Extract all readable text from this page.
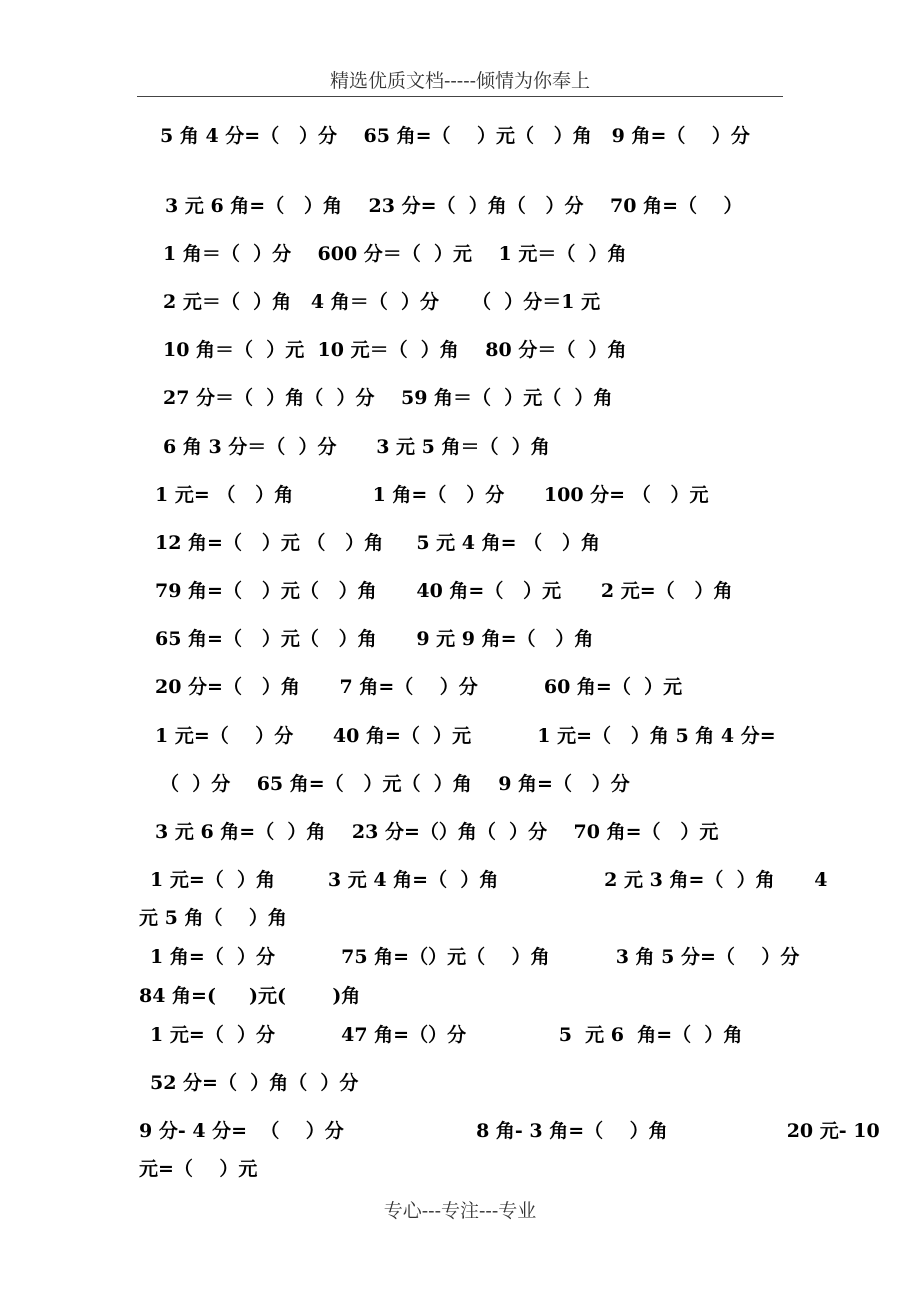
精选优质文档-----倾情为你奉上
5 角 4 分=（   ）分    65 角=（    ）元（   ）角   9 角=（    ）分
3 元 6 角=（   ）角    23 分=（  ）角（   ）分    70 角=（    ）
1 角＝（  ）分    600 分＝（  ）元    1 元＝（  ）角
2 元＝（  ）角   4 角＝（  ）分     （  ）分＝1 元
10 角＝（  ）元  10 元＝（  ）角    80 分＝（  ）角
27 分＝（  ）角（  ）分    59 角＝（  ）元（  ）角
6 角 3 分＝（  ）分      3 元 5 角＝（  ）角
1 元= （   ）角            1 角=（   ）分      100 分= （   ）元
12 角=（   ）元 （   ）角     5 元 4 角= （   ）角
79 角=（   ）元（   ）角      40 角=（   ）元      2 元=（   ）角
65 角=（   ）元（   ）角      9 元 9 角=（   ）角
20 分=（   ）角      7 角=（    ）分          60 角=（  ）元
1 元=（    ）分      40 角=（  ）元          1 元=（   ）角 5 角 4 分=
（  ）分    65 角=（   ）元（  ）角    9 角=（   ）分
3 元 6 角=（  ）角    23 分=（）角（  ）分    70 角=（   ）元
1 元=（  ）角        3 元 4 角=（  ）角                2 元 3 角=（  ）角      4
元 5 角（    ）角
1 角=（  ）分          75 角=（）元（    ）角          3 角 5 分=（    ）分
84 角=(     )元(       )角
1 元=（  ）分          47 角=（）分              5  元 6  角=（  ）角
52 分=（  ）角（  ）分
9 分- 4 分=  （    ）分                    8 角- 3 角=（    ）角                  20 元- 10
元=（    ）元
专心---专注---专业
